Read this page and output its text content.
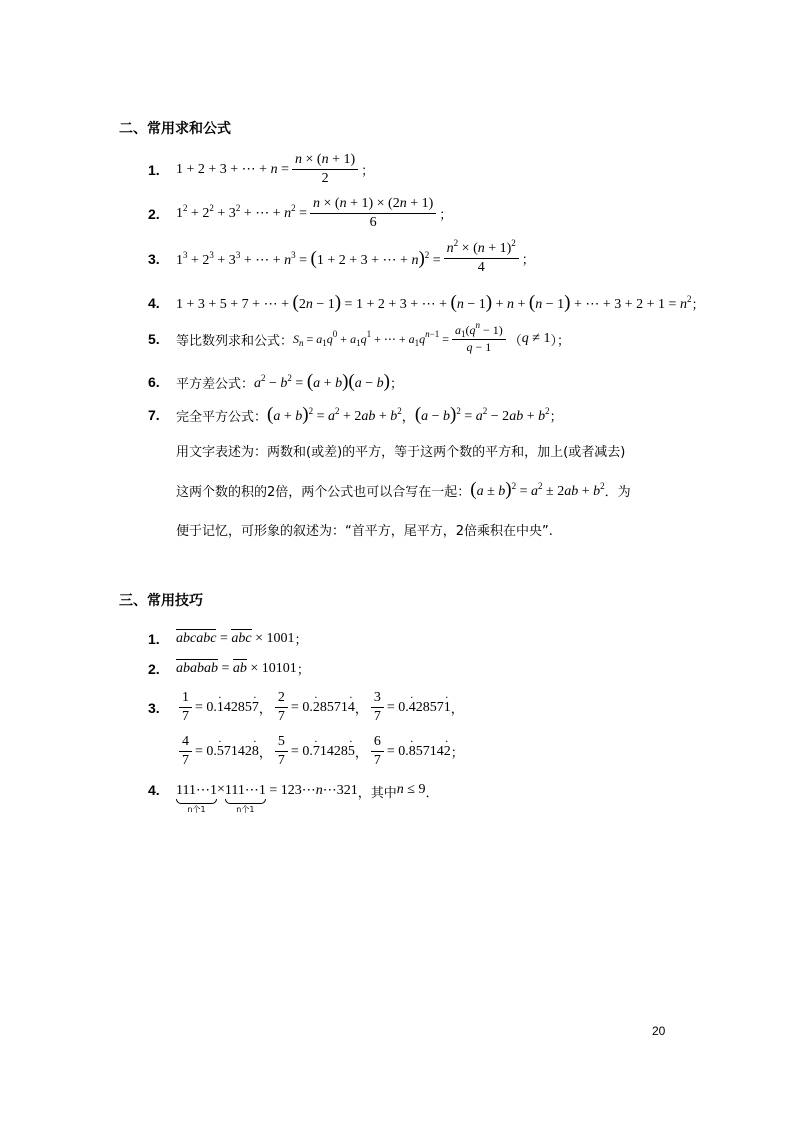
二、常用求和公式
1.	1 + 2 + 3 + ⋯ + $n = \frac{n \times (n + 1)}{2}$ ；
2.	$1^2 + 2^2 + 3^2$ + ⋯ + $n^2 = \frac{n \times (n + 1) \times (2n + 1)}{6}$ ；
3.	$1^3 + 2^3 + 3^3$ + ⋯ + $n^3 = (1 + 2 + 3$ + ⋯ + $n)^2 = \frac{n^2 \times (n + 1)^2}{4}$ ；
4.	1 + 3 + 5 + 7 + ⋯ + (2n − 1) = 1 + 2 + 3 + ⋯ + (n − 1) + n + (n − 1) + ⋯ + $3 + 2 + 1 = n^2$ ；
5.	等比数列求和公式： $S_n = a_1q^0 + a_1q^1$ + ⋯ + $a_1q^{n-1} = \frac{a_1(q^n - 1)}{q - 1}$ （ q ≠ 1 ）；
6.	平方差公式： $a^2 - b^2 = (a + b)(a - b)$ ；
7.	完全平方公式： $(a + b)^2 = a^2 + 2ab + b^2$ ， $(a - b)^2 = a^2 - 2ab + b^2$ ；
用文字表述为：两数和(或差)的平方，等于这两个数的平方和，加上(或者减去)
这两个数的积的2倍，两个公式也可以合写在一起： $(a \pm b)^2 = a^2 \pm 2ab + b^2$ ．为
便于记忆，可形象的叙述为：“首平方，尾平方，2倍乘积在中央”.
三、常用技巧
1.	abcabc = abc × 1001 ；
2.	ababab = ab × 10101 ；
3.	$\frac{1}{7} = 0.\cdot 14285\cdot 7$ ， $\frac{2}{7} = 0.\cdot 28571\cdot 4$ ， $\frac{3}{7} = 0.\cdot 42857\cdot 1$ ，
$\frac{4}{7} = 0.\cdot 57142\cdot 8$ ， $\frac{5}{7} = 0.\cdot 71428\cdot 5$ ， $\frac{6}{7} = 0.\cdot 85714\cdot 2$ ；
4.	111⋯1
n个1
× 111⋯1
n个1
= 123⋯n⋯321 ，其中 n ≤ 9 ．
20
